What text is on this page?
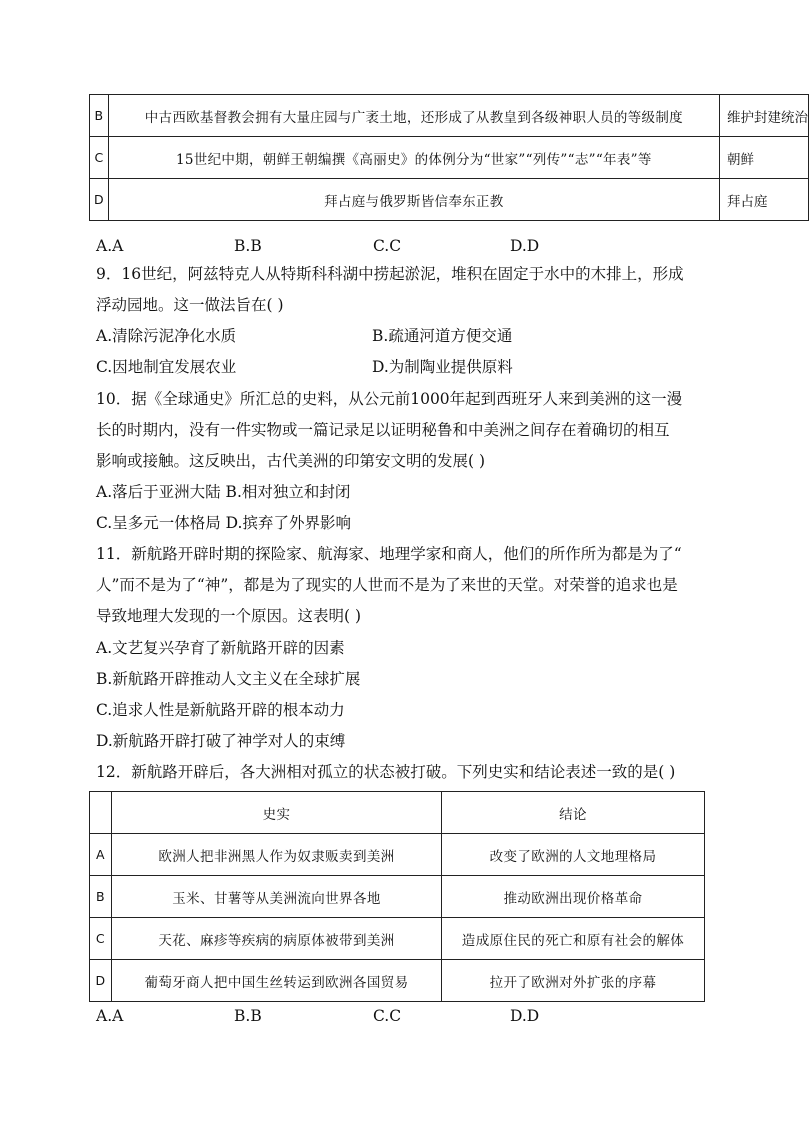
B	中古西欧基督教会拥有大量庄园与广袤土地，还形成了从教皇到各级神职人员的等级制度	维护封建统治
C	15世纪中期，朝鲜王朝编撰《高丽史》的体例分为“世家”“列传”“志”“年表”等	朝鲜
D	拜占庭与俄罗斯皆信奉东正教	拜占庭
A.A	B.B	C.C	D.D
9．16世纪，阿兹特克人从特斯科科湖中捞起淤泥，堆积在固定于水中的木排上，形成
浮动园地。这一做法旨在( )
A.清除污泥净化水质	B.疏通河道方便交通
C.因地制宜发展农业	D.为制陶业提供原料
10．据《全球通史》所汇总的史料，从公元前1000年起到西班牙人来到美洲的这一漫
长的时期内，没有一件实物或一篇记录足以证明秘鲁和中美洲之间存在着确切的相互
影响或接触。这反映出，古代美洲的印第安文明的发展( )
A.落后于亚洲大陆 B.相对独立和封闭
C.呈多元一体格局 D.摈弃了外界影响
11．新航路开辟时期的探险家、航海家、地理学家和商人，他们的所作所为都是为了“
人”而不是为了“神”，都是为了现实的人世而不是为了来世的天堂。对荣誉的追求也是
导致地理大发现的一个原因。这表明( )
A.文艺复兴孕育了新航路开辟的因素
B.新航路开辟推动人文主义在全球扩展
C.追求人性是新航路开辟的根本动力
D.新航路开辟打破了神学对人的束缚
12．新航路开辟后，各大洲相对孤立的状态被打破。下列史实和结论表述一致的是( )
	史实	结论
A	欧洲人把非洲黑人作为奴隶贩卖到美洲	改变了欧洲的人文地理格局
B	玉米、甘薯等从美洲流向世界各地	推动欧洲出现价格革命
C	天花、麻疹等疾病的病原体被带到美洲	造成原住民的死亡和原有社会的解体
D	葡萄牙商人把中国生丝转运到欧洲各国贸易	拉开了欧洲对外扩张的序幕
A.A	B.B	C.C	D.D
